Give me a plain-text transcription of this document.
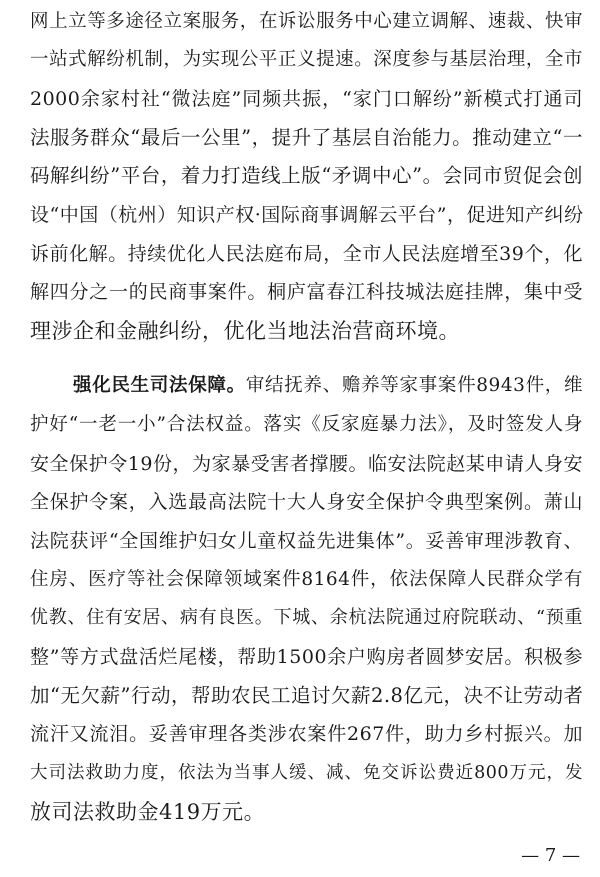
网上立等多途径立案服务，在诉讼服务中心建立调解、速裁、快审
一站式解纷机制，为实现公平正义提速。深度参与基层治理，全市
2000余家村社“微法庭”同频共振，“家门口解纷”新模式打通司
法服务群众“最后一公里”，提升了基层自治能力。推动建立“一
码解纠纷”平台，着力打造线上版“矛调中心”。会同市贸促会创
设“中国（杭州）知识产权·国际商事调解云平台”，促进知产纠纷
诉前化解。持续优化人民法庭布局，全市人民法庭增至39个，化
解四分之一的民商事案件。桐庐富春江科技城法庭挂牌，集中受
理涉企和金融纠纷，优化当地法治营商环境。
强化民生司法保障。审结抚养、赡养等家事案件8943件，维
护好“一老一小”合法权益。落实《反家庭暴力法》，及时签发人身
安全保护令19份，为家暴受害者撑腰。临安法院赵某申请人身安
全保护令案，入选最高法院十大人身安全保护令典型案例。萧山
法院获评“全国维护妇女儿童权益先进集体”。妥善审理涉教育、
住房、医疗等社会保障领域案件8164件，依法保障人民群众学有
优教、住有安居、病有良医。下城、余杭法院通过府院联动、“预重
整”等方式盘活烂尾楼，帮助1500余户购房者圆梦安居。积极参
加“无欠薪”行动，帮助农民工追讨欠薪2.8亿元，决不让劳动者
流汗又流泪。妥善审理各类涉农案件267件，助力乡村振兴。加
大司法救助力度，依法为当事人缓、减、免交诉讼费近800万元，发
放司法救助金419万元。
— 7 —
